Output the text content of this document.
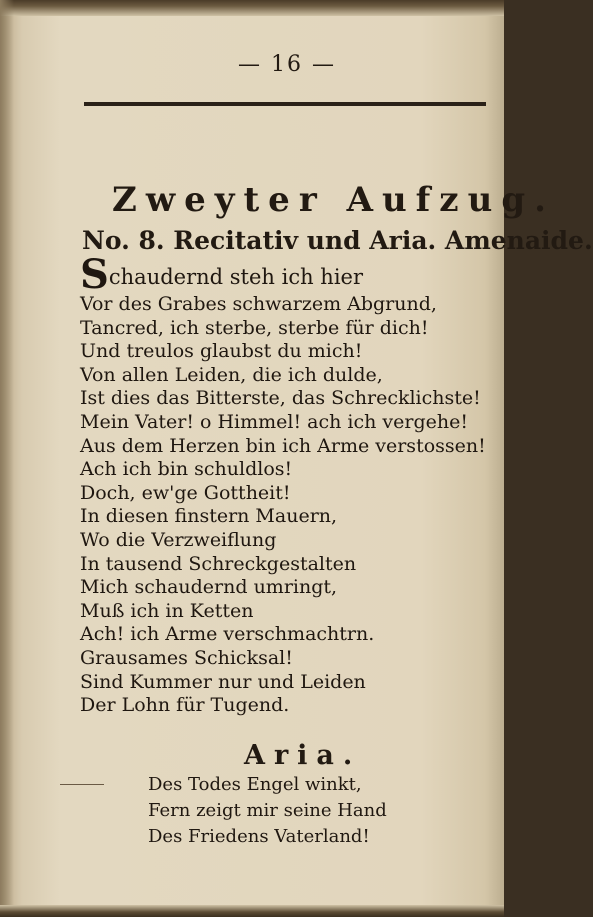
— 16 —
Zweyter Aufzug.
No. 8. Recitativ und Aria. Amenaide.
Schaudernd steh ich hier
Vor des Grabes schwarzem Abgrund,
Tancred, ich sterbe, sterbe für dich!
Und treulos glaubst du mich!
Von allen Leiden, die ich dulde,
Ist dies das Bitterste, das Schrecklichste!
Mein Vater! o Himmel! ach ich vergehe!
Aus dem Herzen bin ich Arme verstossen!
Ach ich bin schuldlos!
Doch, ew'ge Gottheit!
In diesen finstern Mauern,
Wo die Verzweiflung
In tausend Schreckgestalten
Mich schaudernd umringt,
Muß ich in Ketten
Ach! ich Arme verschmachtrn.
Grausames Schicksal!
Sind Kummer nur und Leiden
Der Lohn für Tugend.
Aria.
Des Todes Engel winkt,
Fern zeigt mir seine Hand
Des Friedens Vaterland!
